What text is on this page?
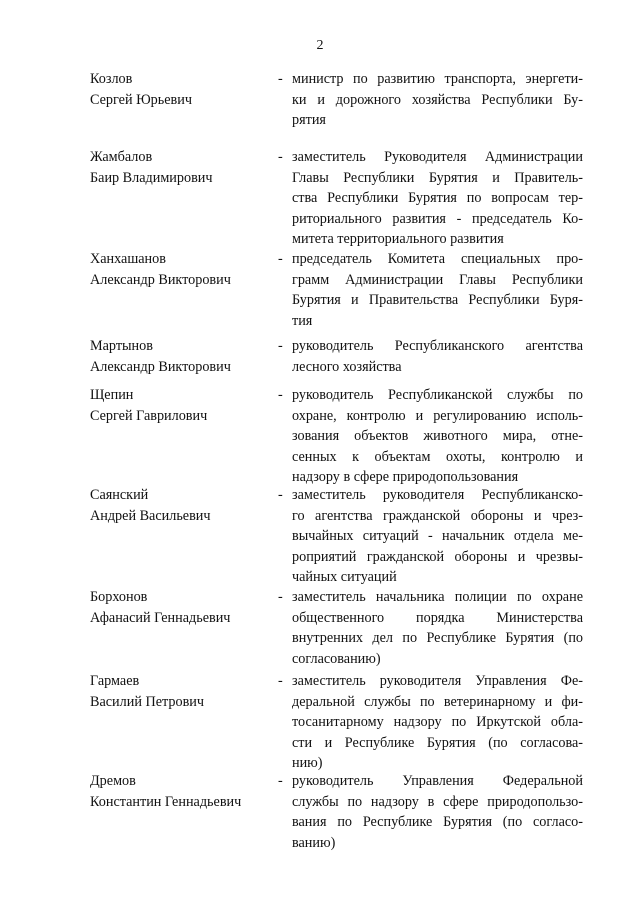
2
Козлов
Сергей Юрьевич
- министр по развитию транспорта, энергети-
ки и дорожного хозяйства Республики Бу-
рятия
Жамбалов
Баир Владимирович
- заместитель Руководителя Администрации
Главы Республики Бурятия и Правитель-
ства Республики Бурятия по вопросам тер-
риториального развития - председатель Ко-
митета территориального развития
Ханхашанов
Александр Викторович
- председатель Комитета специальных про-
грамм Администрации Главы Республики
Бурятия и Правительства Республики Буря-
тия
Мартынов
Александр Викторович
- руководитель Республиканского агентства
лесного хозяйства
Щепин
Сергей Гаврилович
- руководитель Республиканской службы по
охране, контролю и регулированию исполь-
зования объектов животного мира, отне-
сенных к объектам охоты, контролю и
надзору в сфере природопользования
Саянский
Андрей Васильевич
- заместитель руководителя Республиканско-
го агентства гражданской обороны и чрез-
вычайных ситуаций - начальник отдела ме-
роприятий гражданской обороны и чрезвы-
чайных ситуаций
Борхонов
Афанасий Геннадьевич
- заместитель начальника полиции по охране
общественного порядка Министерства
внутренних дел по Республике Бурятия (по
согласованию)
Гармаев
Василий Петрович
- заместитель руководителя Управления Фе-
деральной службы по ветеринарному и фи-
тосанитарному надзору по Иркутской обла-
сти и Республике Бурятия (по согласова-
нию)
Дремов
Константин Геннадьевич
- руководитель Управления Федеральной
службы по надзору в сфере природопользо-
вания по Республике Бурятия (по согласо-
ванию)
